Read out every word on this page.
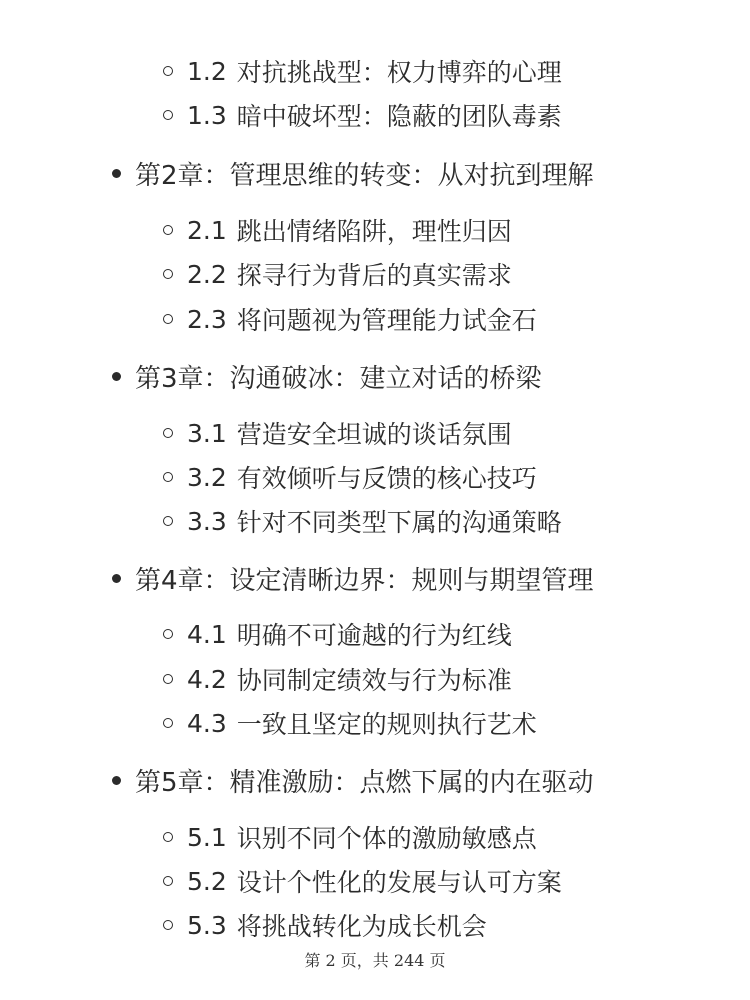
1.2 对抗挑战型：权力博弈的心理
1.3 暗中破坏型：隐蔽的团队毒素
第2章：管理思维的转变：从对抗到理解
2.1 跳出情绪陷阱，理性归因
2.2 探寻行为背后的真实需求
2.3 将问题视为管理能力试金石
第3章：沟通破冰：建立对话的桥梁
3.1 营造安全坦诚的谈话氛围
3.2 有效倾听与反馈的核心技巧
3.3 针对不同类型下属的沟通策略
第4章：设定清晰边界：规则与期望管理
4.1 明确不可逾越的行为红线
4.2 协同制定绩效与行为标准
4.3 一致且坚定的规则执行艺术
第5章：精准激励：点燃下属的内在驱动
5.1 识别不同个体的激励敏感点
5.2 设计个性化的发展与认可方案
5.3 将挑战转化为成长机会
第 2 页，共 244 页
